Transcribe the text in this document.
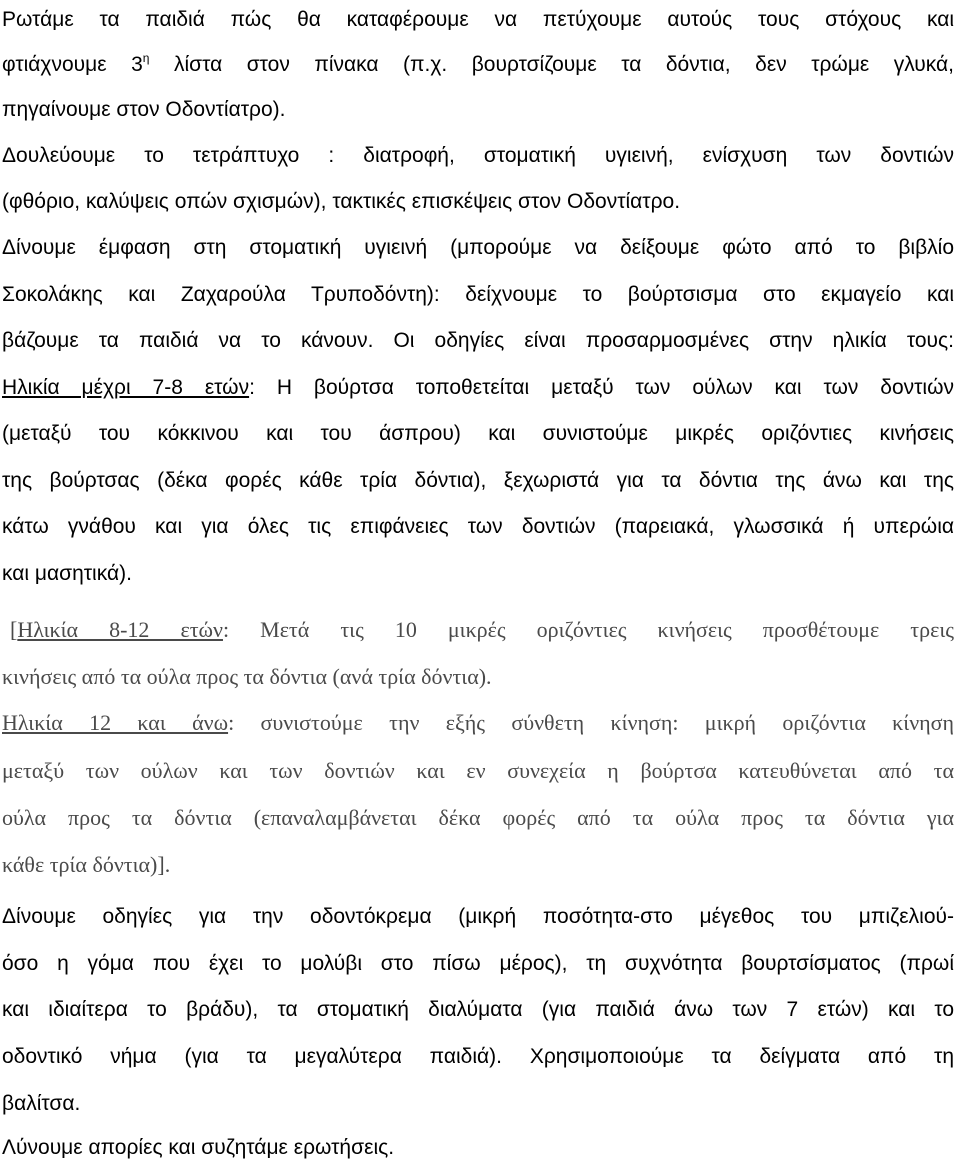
Ρωτάμε τα παιδιά πώς θα καταφέρουμε να πετύχουμε αυτούς τους στόχους και
φτιάχνουμε $3^\eta$ λίστα στον πίνακα (π.χ. βουρτσίζουμε τα δόντια, δεν τρώμε γλυκά,
πηγαίνουμε στον Οδοντίατρο).
Δουλεύουμε το τετράπτυχο : διατροφή, στοματική υγιεινή, ενίσχυση των δοντιών
(φθόριο, καλύψεις οπών σχισμών), τακτικές επισκέψεις στον Οδοντίατρο.
Δίνουμε έμφαση στη στοματική υγιεινή (μπορούμε να δείξουμε φώτο από το βιβλίο
Σοκολάκης και Ζαχαρούλα Τρυποδόντη): δείχνουμε το βούρτσισμα στο εκμαγείο και
βάζουμε τα παιδιά να το κάνουν. Οι οδηγίες είναι προσαρμοσμένες στην ηλικία τους:
Ηλικία μέχρι 7-8 ετών: Η βούρτσα τοποθετείται μεταξύ των ούλων και των δοντιών
(μεταξύ του κόκκινου και του άσπρου) και συνιστούμε μικρές οριζόντιες κινήσεις
της βούρτσας (δέκα φορές κάθε τρία δόντια), ξεχωριστά για τα δόντια της άνω και της
κάτω γνάθου και για όλες τις επιφάνειες των δοντιών (παρειακά, γλωσσικά ή υπερώια
και μασητικά).
[Ηλικία 8-12 ετών: Μετά τις 10 μικρές οριζόντιες κινήσεις προσθέτουμε τρεις
κινήσεις από τα ούλα προς τα δόντια (ανά τρία δόντια).
Ηλικία 12 και άνω: συνιστούμε την εξής σύνθετη κίνηση: μικρή οριζόντια κίνηση
μεταξύ των ούλων και των δοντιών και εν συνεχεία η βούρτσα κατευθύνεται από τα
ούλα προς τα δόντια (επαναλαμβάνεται δέκα φορές από τα ούλα προς τα δόντια για
κάθε τρία δόντια)].
Δίνουμε οδηγίες για την οδοντόκρεμα (μικρή ποσότητα-στο μέγεθος του μπιζελιού-
όσο η γόμα που έχει το μολύβι στο πίσω μέρος), τη συχνότητα βουρτσίσματος (πρωί
και ιδιαίτερα το βράδυ), τα στοματική διαλύματα (για παιδιά άνω των 7 ετών) και το
οδοντικό νήμα (για τα μεγαλύτερα παιδιά). Χρησιμοποιούμε τα δείγματα από τη
βαλίτσα.
Λύνουμε απορίες και συζητάμε ερωτήσεις.
